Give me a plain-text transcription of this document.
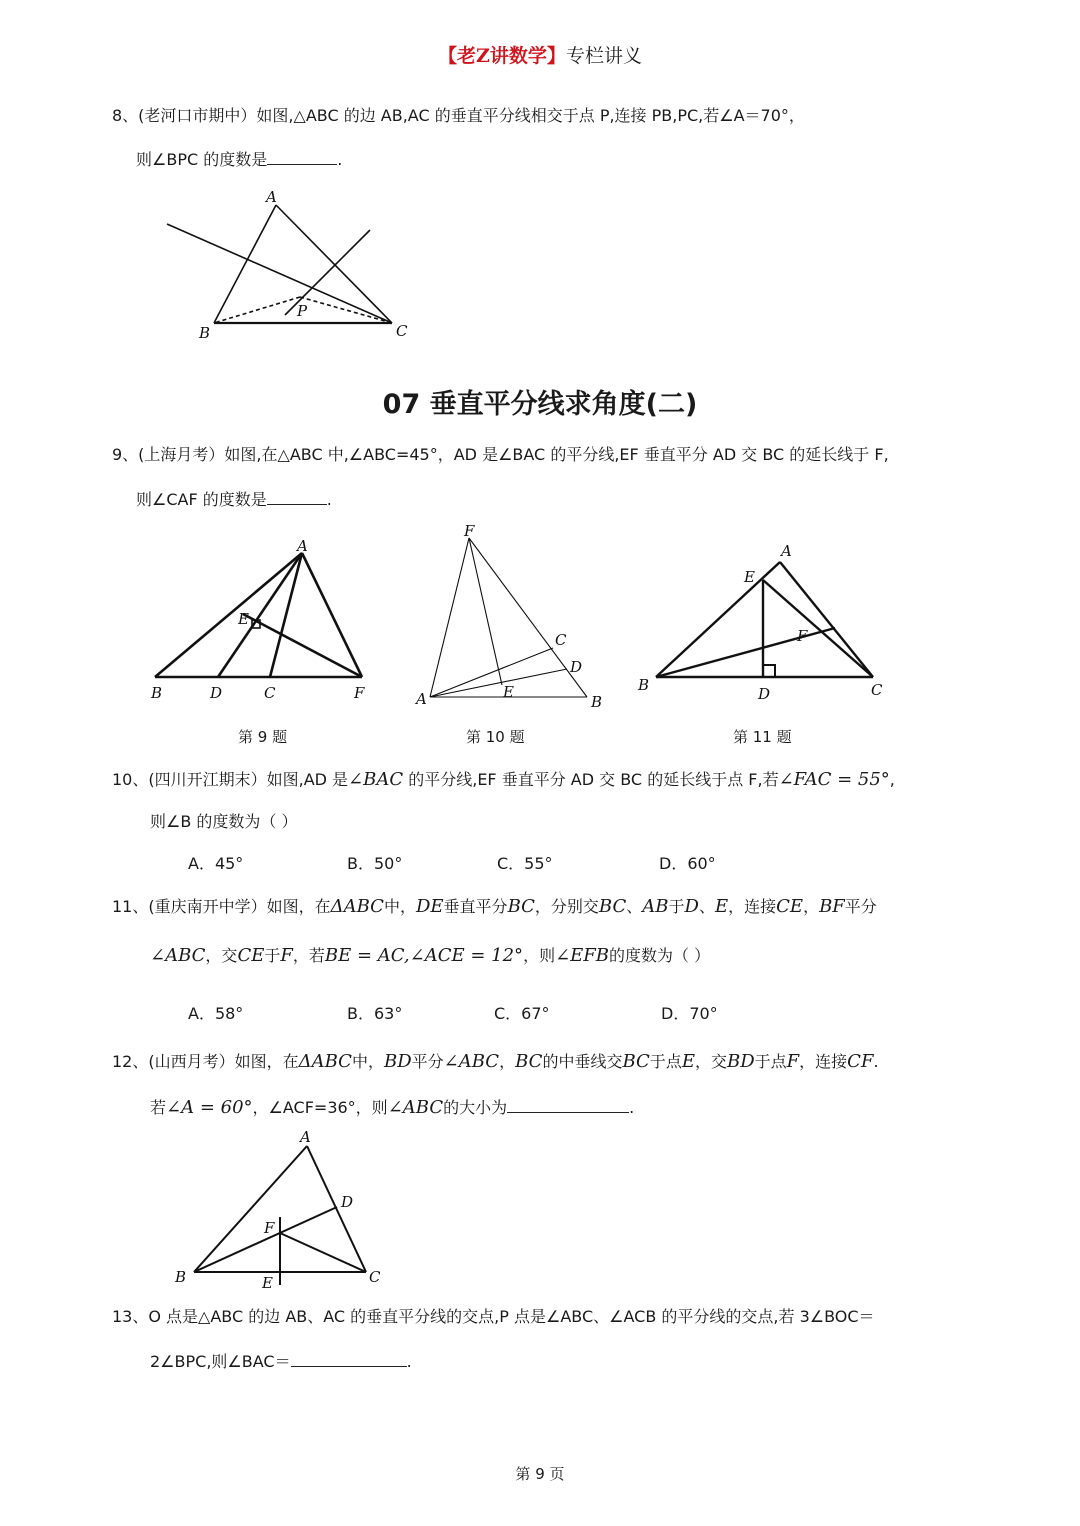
【老Z讲数学】专栏讲义
8、(老河口市期中）如图,△ABC 的边 AB,AC 的垂直平分线相交于点 P,连接 PB,PC,若∠A＝70°，
则∠BPC 的度数是	.
A
B	C
P
07 垂直平分线求角度(二)
9、(上海月考）如图,在△ABC 中,∠ABC=45°，AD 是∠BAC 的平分线,EF 垂直平分 AD 交 BC 的延长线于 F,
则∠CAF 的度数是	.
A
E
B	D	C	F
F
C
D
A	E
B
A
E
F
B	D	C
第 9 题	第 10 题	第 11 题
10、(四川开江期末）如图,AD 是∠BAC 的平分线,EF 垂直平分 AD 交 BC 的延长线于点 F,若∠FAC = 55°,
则∠B 的度数为（ ）
A．45°	B．50°	C．55°	D．60°
11、(重庆南开中学）如图，在ΔABC中，DE垂直平分BC，分别交BC、AB于D、E，连接CE，BF平分
∠ABC，交CE于F，若BE = AC,∠ACE = 12°，则∠EFB的度数为（ ）
A．58°	B．63°	C．67°	D．70°
12、(山西月考）如图，在ΔABC中，BD平分∠ABC，BC的中垂线交BC于点E，交BD于点F，连接CF.
若∠A = 60°，∠ACF=36°，则∠ABC的大小为	.
A
D
F
B	E	C
13、O 点是△ABC 的边 AB、AC 的垂直平分线的交点,P 点是∠ABC、∠ACB 的平分线的交点,若 3∠BOC＝
2∠BPC,则∠BAC＝	.
第 9 页
